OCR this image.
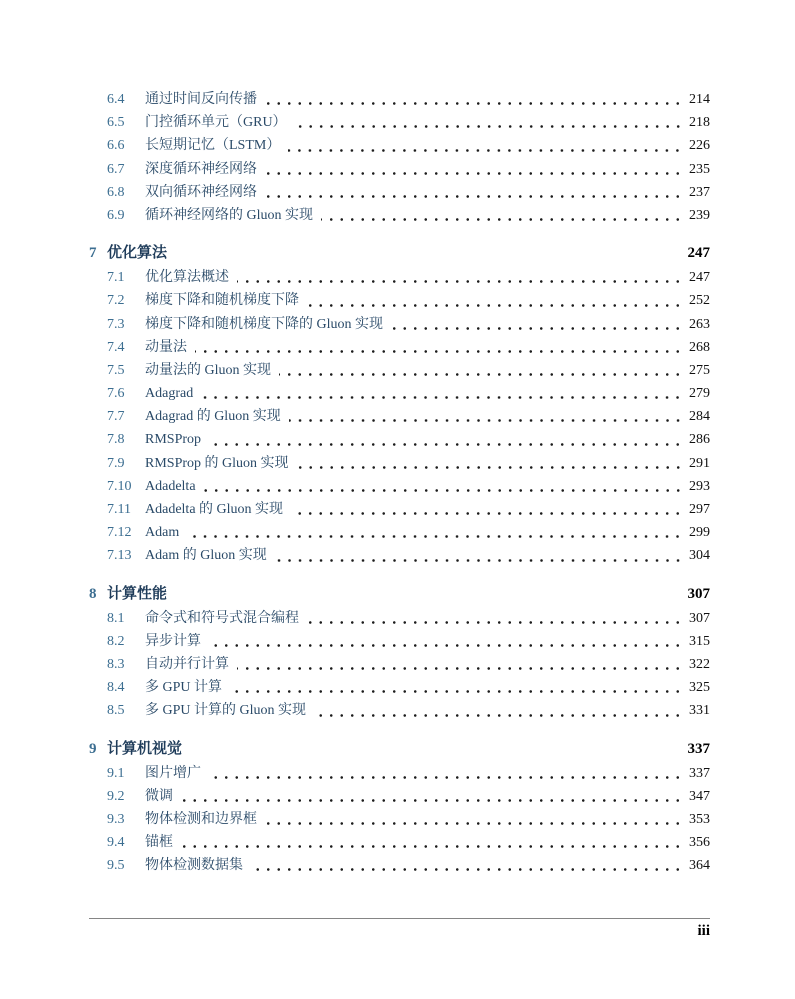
6.4	通过时间反向传播	214
6.5	门控循环单元（GRU）	218
6.6	长短期记忆（LSTM）	226
6.7	深度循环神经网络	235
6.8	双向循环神经网络	237
6.9	循环神经网络的 Gluon 实现	239
7 优化算法	247
7.1	优化算法概述	247
7.2	梯度下降和随机梯度下降	252
7.3	梯度下降和随机梯度下降的 Gluon 实现	263
7.4	动量法	268
7.5	动量法的 Gluon 实现	275
7.6	Adagrad	279
7.7	Adagrad 的 Gluon 实现	284
7.8	RMSProp	286
7.9	RMSProp 的 Gluon 实现	291
7.10 Adadelta	293
7.11	Adadelta 的 Gluon 实现	297
7.12 Adam	299
7.13 Adam 的 Gluon 实现	304
8 计算性能	307
8.1	命令式和符号式混合编程	307
8.2	异步计算	315
8.3	自动并行计算	322
8.4	多 GPU 计算	325
8.5	多 GPU 计算的 Gluon 实现	331
9 计算机视觉	337
9.1	图片增广	337
9.2	微调	347
9.3	物体检测和边界框	353
9.4	锚框	356
9.5	物体检测数据集	364
iii
